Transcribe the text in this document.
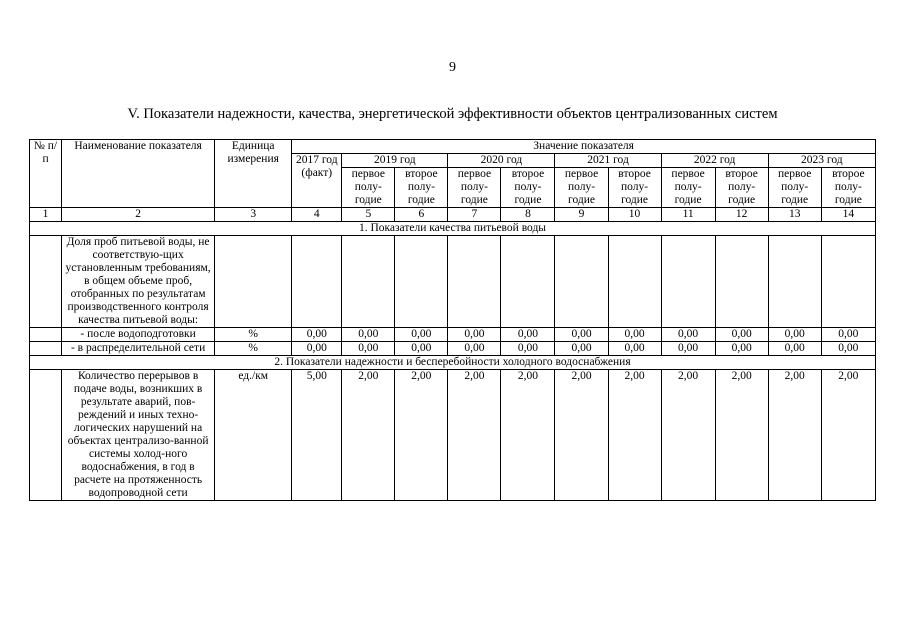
9
V. Показатели надежности, качества, энергетической эффективности объектов централизованных систем
№ п/п	Наименование показателя	Единица измерения	Значение показателя										
			2017 год (факт)	2019 год		2020 год		2021 год		2022 год		2023 год	
				первое полу-годие	второе полу-годие	первое полу-годие	второе полу-годие	первое полу-годие	второе полу-годие	первое полу-годие	второе полу-годие	первое полу-годие	второе полу-годие
1	2	3	4	5	6	7	8	9	10	11	12	13	14
1. Показатели качества питьевой воды													
	Доля проб питьевой воды, не соответствую-щих установленным требованиям, в общем объеме проб, отобранных по результатам производственного контроля качества питьевой воды:												
	- после водоподготовки	%	0,00	0,00	0,00	0,00	0,00	0,00	0,00	0,00	0,00	0,00	0,00
	- в распределительной сети	%	0,00	0,00	0,00	0,00	0,00	0,00	0,00	0,00	0,00	0,00	0,00
2. Показатели надежности и бесперебойности холодного водоснабжения													
	Количество перерывов в подаче воды, возникших в результате аварий, пов-реждений и иных техно-логических нарушений на объектах централизо-ванной системы холод-ного водоснабжения, в год в расчете на протяженность водопроводной сети	ед./км	5,00	2,00	2,00	2,00	2,00	2,00	2,00	2,00	2,00	2,00	2,00
